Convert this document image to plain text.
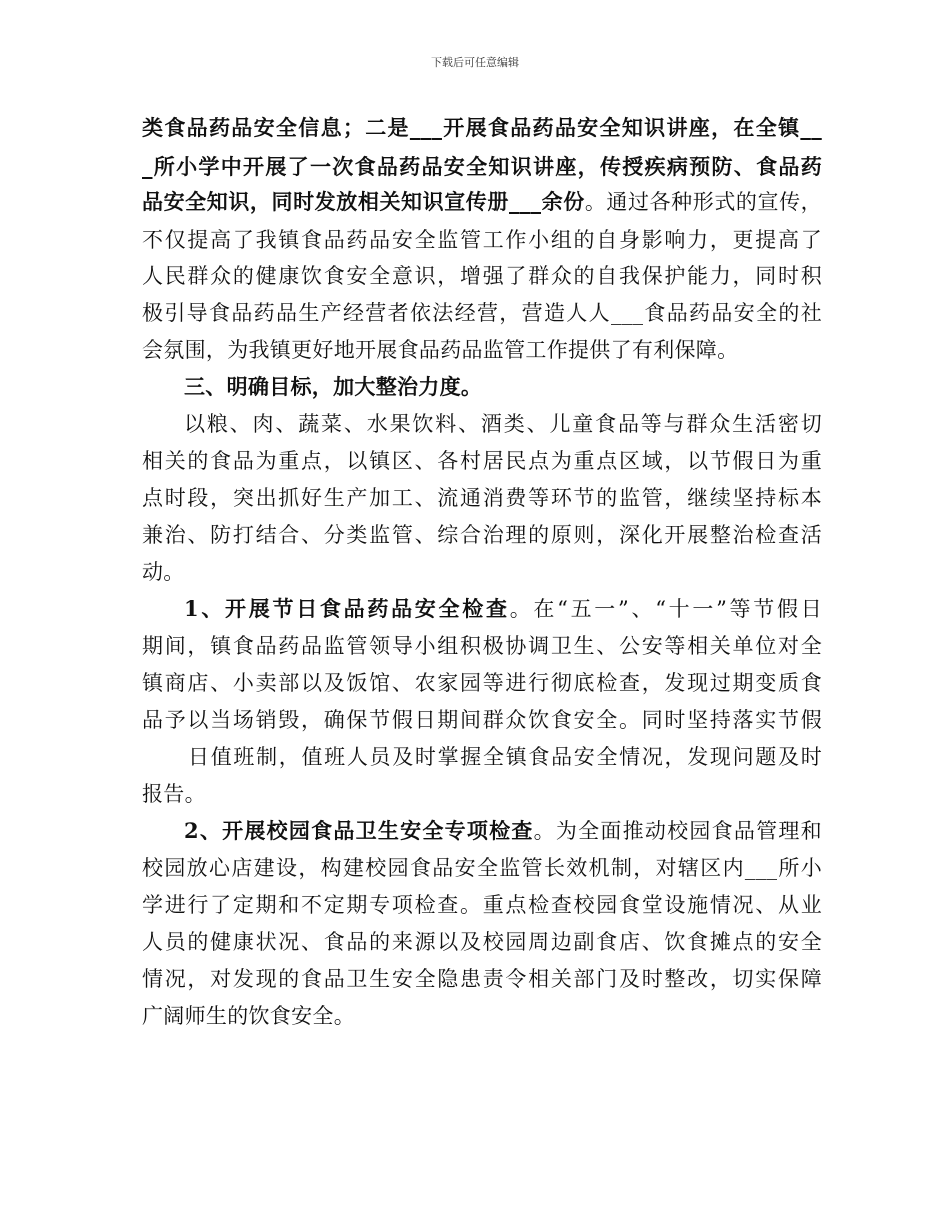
下载后可任意编辑
类食品药品安全信息；二是___开展食品药品安全知识讲座，在全镇__
_所小学中开展了一次食品药品安全知识讲座，传授疾病预防、食品药
品安全知识，同时发放相关知识宣传册___余份。通过各种形式的宣传，
不仅提高了我镇食品药品安全监管工作小组的自身影响力，更提高了
人民群众的健康饮食安全意识，增强了群众的自我保护能力，同时积
极引导食品药品生产经营者依法经营，营造人人___食品药品安全的社
会氛围，为我镇更好地开展食品药品监管工作提供了有利保障。
三、明确目标，加大整治力度。
以粮、肉、蔬菜、水果饮料、酒类、儿童食品等与群众生活密切
相关的食品为重点，以镇区、各村居民点为重点区域，以节假日为重
点时段，突出抓好生产加工、流通消费等环节的监管，继续坚持标本
兼治、防打结合、分类监管、综合治理的原则，深化开展整治检查活
动。
1、开展节日食品药品安全检查。在“五一”、“十一”等节假日
期间，镇食品药品监管领导小组积极协调卫生、公安等相关单位对全
镇商店、小卖部以及饭馆、农家园等进行彻底检查，发现过期变质食
品予以当场销毁，确保节假日期间群众饮食安全。同时坚持落实节假
日值班制，值班人员及时掌握全镇食品安全情况，发现问题及时
报告。
2、开展校园食品卫生安全专项检查。为全面推动校园食品管理和
校园放心店建设，构建校园食品安全监管长效机制，对辖区内___所小
学进行了定期和不定期专项检查。重点检查校园食堂设施情况、从业
人员的健康状况、食品的来源以及校园周边副食店、饮食摊点的安全
情况，对发现的食品卫生安全隐患责令相关部门及时整改，切实保障
广阔师生的饮食安全。
